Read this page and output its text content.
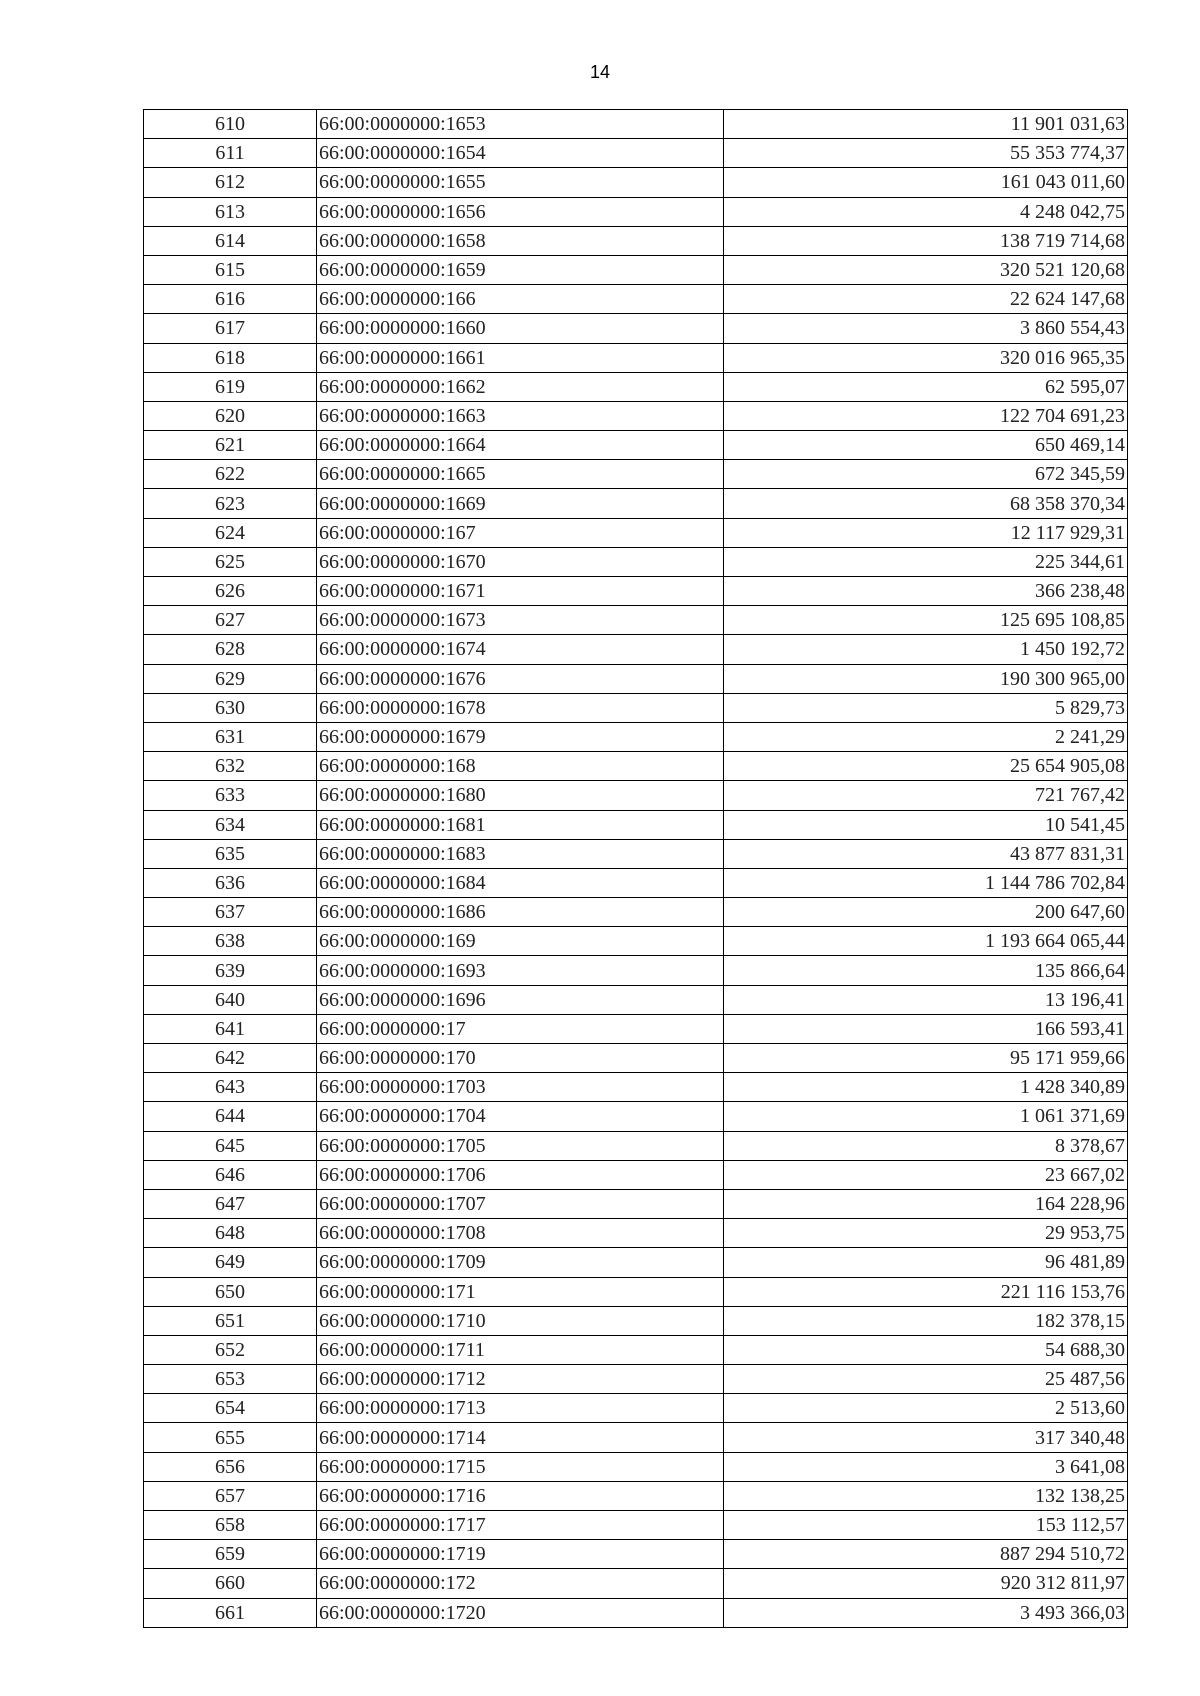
14
610	66:00:0000000:1653	11 901 031,63
611	66:00:0000000:1654	55 353 774,37
612	66:00:0000000:1655	161 043 011,60
613	66:00:0000000:1656	4 248 042,75
614	66:00:0000000:1658	138 719 714,68
615	66:00:0000000:1659	320 521 120,68
616	66:00:0000000:166	22 624 147,68
617	66:00:0000000:1660	3 860 554,43
618	66:00:0000000:1661	320 016 965,35
619	66:00:0000000:1662	62 595,07
620	66:00:0000000:1663	122 704 691,23
621	66:00:0000000:1664	650 469,14
622	66:00:0000000:1665	672 345,59
623	66:00:0000000:1669	68 358 370,34
624	66:00:0000000:167	12 117 929,31
625	66:00:0000000:1670	225 344,61
626	66:00:0000000:1671	366 238,48
627	66:00:0000000:1673	125 695 108,85
628	66:00:0000000:1674	1 450 192,72
629	66:00:0000000:1676	190 300 965,00
630	66:00:0000000:1678	5 829,73
631	66:00:0000000:1679	2 241,29
632	66:00:0000000:168	25 654 905,08
633	66:00:0000000:1680	721 767,42
634	66:00:0000000:1681	10 541,45
635	66:00:0000000:1683	43 877 831,31
636	66:00:0000000:1684	1 144 786 702,84
637	66:00:0000000:1686	200 647,60
638	66:00:0000000:169	1 193 664 065,44
639	66:00:0000000:1693	135 866,64
640	66:00:0000000:1696	13 196,41
641	66:00:0000000:17	166 593,41
642	66:00:0000000:170	95 171 959,66
643	66:00:0000000:1703	1 428 340,89
644	66:00:0000000:1704	1 061 371,69
645	66:00:0000000:1705	8 378,67
646	66:00:0000000:1706	23 667,02
647	66:00:0000000:1707	164 228,96
648	66:00:0000000:1708	29 953,75
649	66:00:0000000:1709	96 481,89
650	66:00:0000000:171	221 116 153,76
651	66:00:0000000:1710	182 378,15
652	66:00:0000000:1711	54 688,30
653	66:00:0000000:1712	25 487,56
654	66:00:0000000:1713	2 513,60
655	66:00:0000000:1714	317 340,48
656	66:00:0000000:1715	3 641,08
657	66:00:0000000:1716	132 138,25
658	66:00:0000000:1717	153 112,57
659	66:00:0000000:1719	887 294 510,72
660	66:00:0000000:172	920 312 811,97
661	66:00:0000000:1720	3 493 366,03
